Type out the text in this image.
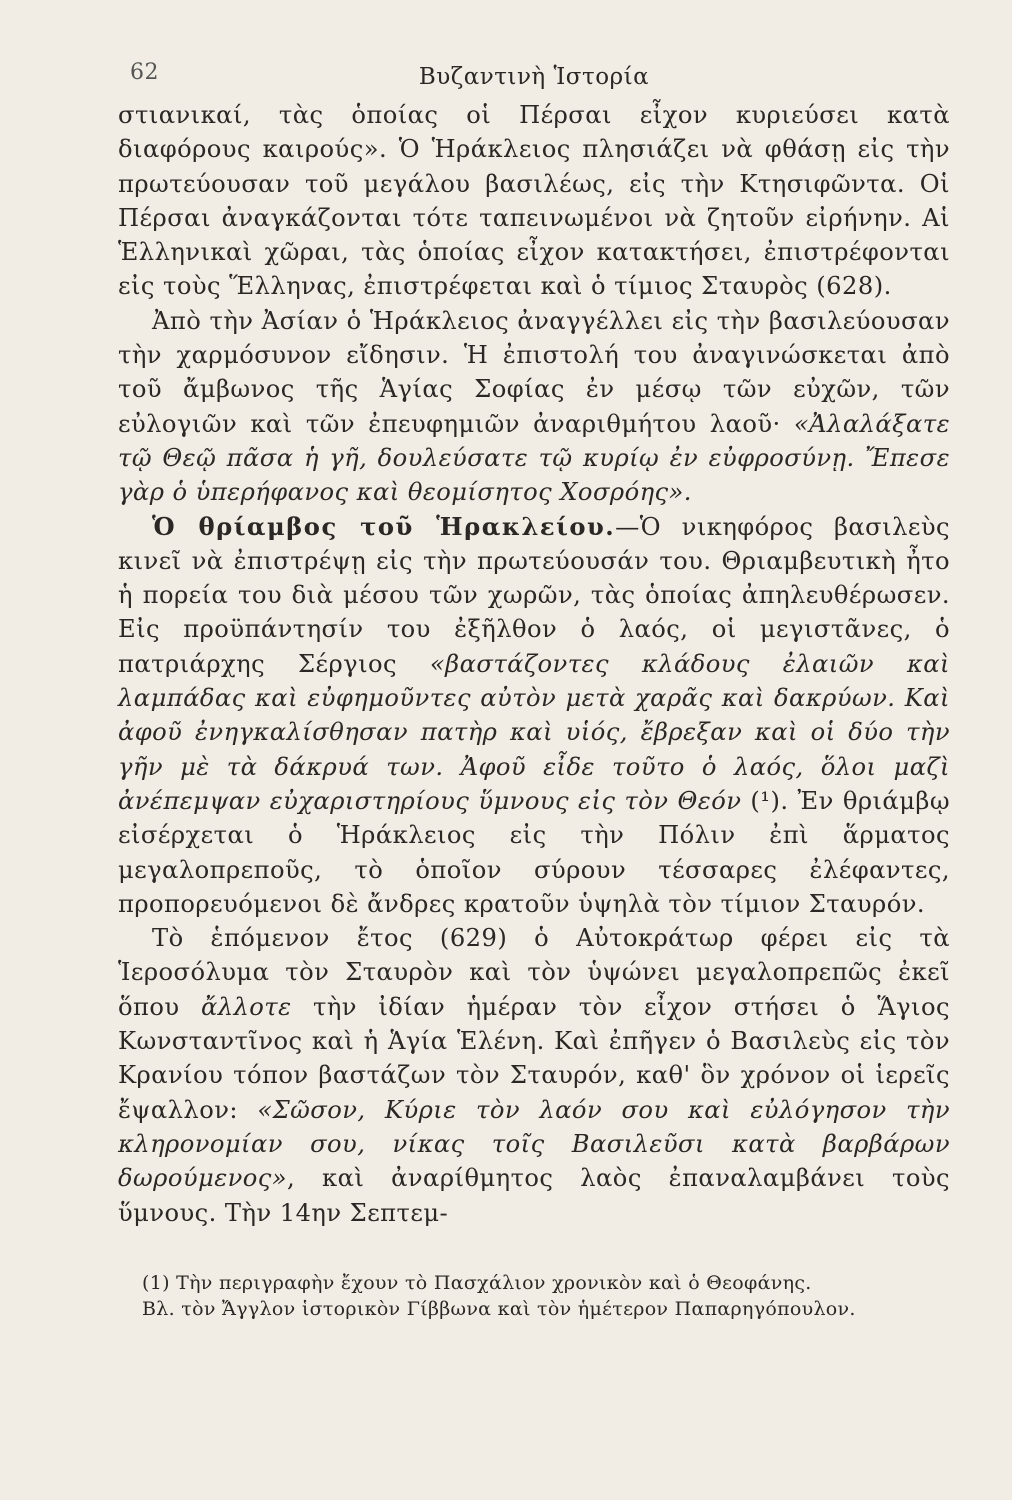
62	Βυζαντινὴ Ἱστορία

στιανικαί, τὰς ὁποίας οἱ Πέρσαι εἶχον κυριεύσει κατὰ διαφόρους καιρούς». Ὁ Ἡράκλειος πλησιάζει νὰ φθάσῃ εἰς τὴν πρωτεύουσαν τοῦ μεγάλου βασιλέως, εἰς τὴν Κτησιφῶντα. Οἱ Πέρσαι ἀναγκάζονται τότε ταπεινωμένοι νὰ ζητοῦν εἰρήνην. Αἱ Ἑλληνικαὶ χῶραι, τὰς ὁποίας εἶχον κατακτήσει, ἐπιστρέφονται εἰς τοὺς Ἕλληνας, ἐπιστρέφεται καὶ ὁ τίμιος Σταυρὸς (628).

Ἀπὸ τὴν Ἀσίαν ὁ Ἡράκλειος ἀναγγέλλει εἰς τὴν βασιλεύουσαν τὴν χαρμόσυνον εἴδησιν. Ἡ ἐπιστολή του ἀναγινώσκεται ἀπὸ τοῦ ἄμβωνος τῆς Ἁγίας Σοφίας ἐν μέσῳ τῶν εὐχῶν, τῶν εὐλογιῶν καὶ τῶν ἐπευφημιῶν ἀναριθμήτου λαοῦ· «Ἀλαλάξατε τῷ Θεῷ πᾶσα ἡ γῆ, δουλεύσατε τῷ κυρίῳ ἐν εὐφροσύνῃ. Ἔπεσε γὰρ ὁ ὑπερήφανος καὶ θεομίσητος Χοσρόης».

Ὁ θρίαμβος τοῦ Ἡρακλείου.—Ὁ νικηφόρος βασιλεὺς κινεῖ νὰ ἐπιστρέψῃ εἰς τὴν πρωτεύουσάν του. Θριαμβευτικὴ ἦτο ἡ πορεία του διὰ μέσου τῶν χωρῶν, τὰς ὁποίας ἀπηλευθέρωσεν. Εἰς προϋπάντησίν του ἐξῆλθον ὁ λαός, οἱ μεγιστᾶνες, ὁ πατριάρχης Σέργιος «βαστάζοντες κλάδους ἐλαιῶν καὶ λαμπάδας καὶ εὐφημοῦντες αὐτὸν μετὰ χαρᾶς καὶ δακρύων. Καὶ ἀφοῦ ἐνηγκαλίσθησαν πατὴρ καὶ υἱός, ἔβρεξαν καὶ οἱ δύο τὴν γῆν μὲ τὰ δάκρυά των. Ἀφοῦ εἶδε τοῦτο ὁ λαός, ὅλοι μαζὶ ἀνέπεμψαν εὐχαριστηρίους ὕμνους εἰς τὸν Θεόν (¹). Ἐν θριάμβῳ εἰσέρχεται ὁ Ἡράκλειος εἰς τὴν Πόλιν ἐπὶ ἅρματος μεγαλοπρεποῦς, τὸ ὁποῖον σύρουν τέσσαρες ἐλέφαντες, προπορευόμενοι δὲ ἄνδρες κρατοῦν ὑψηλὰ τὸν τίμιον Σταυρόν.

Τὸ ἑπόμενον ἔτος (629) ὁ Αὐτοκράτωρ φέρει εἰς τὰ Ἱεροσόλυμα τὸν Σταυρὸν καὶ τὸν ὑψώνει μεγαλοπρεπῶς ἐκεῖ ὅπου ἄλλοτε τὴν ἰδίαν ἡμέραν τὸν εἶχον στήσει ὁ Ἅγιος Κωνσταντῖνος καὶ ἡ Ἁγία Ἑλένη. Καὶ ἐπῆγεν ὁ Βασιλεὺς εἰς τὸν Κρανίου τόπον βαστάζων τὸν Σταυρόν, καθ' ὃν χρόνον οἱ ἱερεῖς ἔψαλλον: «Σῶσον, Κύριε τὸν λαόν σου καὶ εὐλόγησον τὴν κληρονομίαν σου, νίκας τοῖς Βασιλεῦσι κατὰ βαρβάρων δωρούμενος», καὶ ἀναρίθμητος λαὸς ἐπαναλαμβάνει τοὺς ὕμνους. Τὴν 14ην Σεπτεμ-

(1) Τὴν περιγραφὴν ἔχουν τὸ Πασχάλιον χρονικὸν καὶ ὁ Θεοφάνης.

Βλ. τὸν Ἄγγλον ἱστορικὸν Γίββωνα καὶ τὸν ἡμέτερον Παπαρηγόπουλον.
